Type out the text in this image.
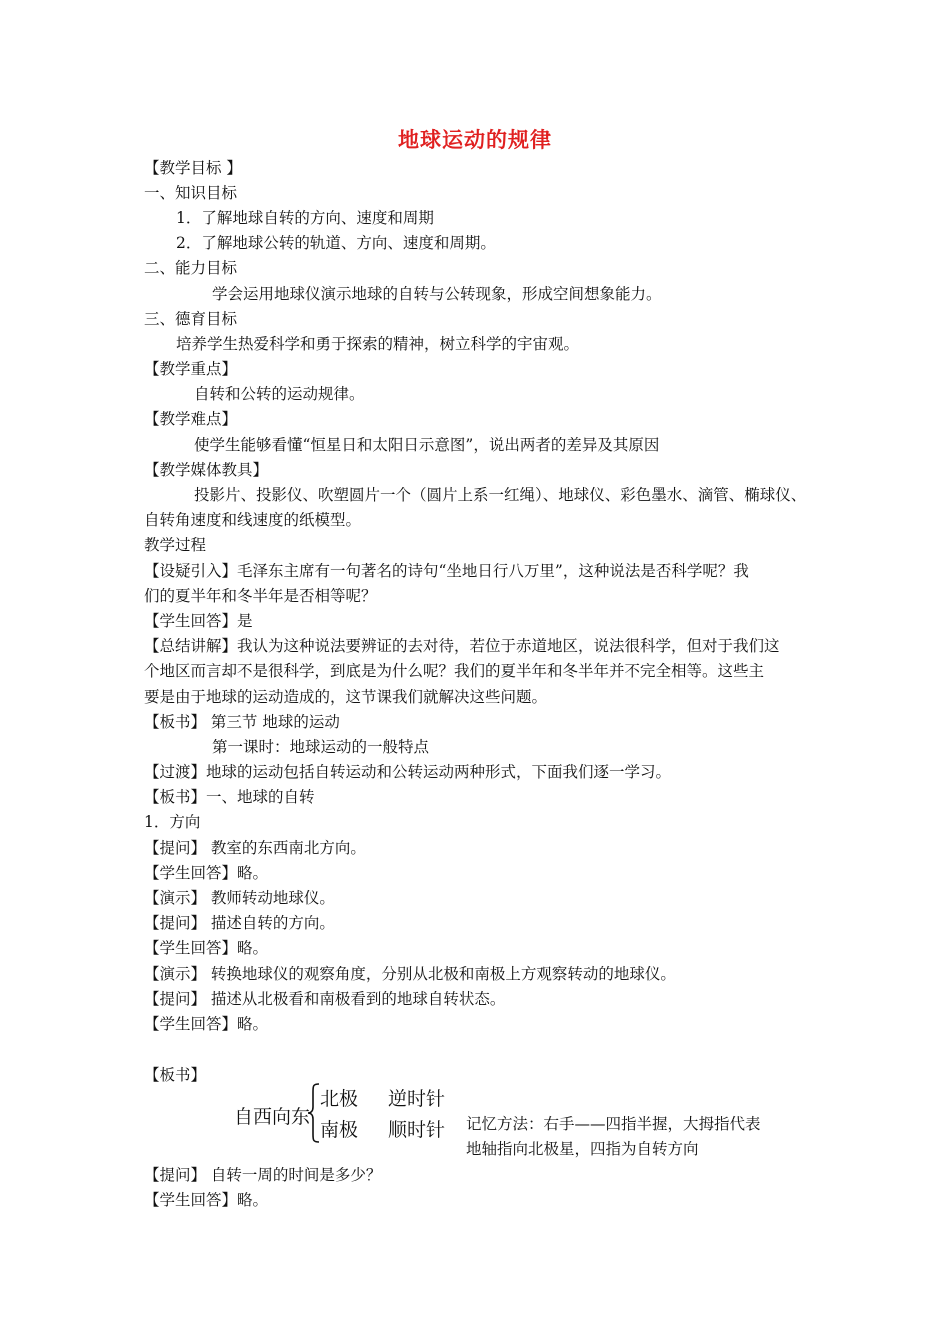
地球运动的规律
【教学目标 】
一、知识目标
1．了解地球自转的方向、速度和周期
2．了解地球公转的轨道、方向、速度和周期。
二、能力目标
学会运用地球仪演示地球的自转与公转现象，形成空间想象能力。
三、德育目标
培养学生热爱科学和勇于探索的精神，树立科学的宇宙观。
【教学重点】
自转和公转的运动规律。
【教学难点】
使学生能够看懂“恒星日和太阳日示意图”，说出两者的差异及其原因
【教学媒体教具】
投影片、投影仪、吹塑圆片一个（圆片上系一红绳）、地球仪、彩色墨水、滴管、椭球仪、
自转角速度和线速度的纸模型。
教学过程
【设疑引入】毛泽东主席有一句著名的诗句“坐地日行八万里”，这种说法是否科学呢？我
们的夏半年和冬半年是否相等呢？
【学生回答】是
【总结讲解】我认为这种说法要辨证的去对待，若位于赤道地区，说法很科学，但对于我们这
个地区而言却不是很科学，到底是为什么呢？我们的夏半年和冬半年并不完全相等。这些主
要是由于地球的运动造成的，这节课我们就解决这些问题。
【板书】 第三节 地球的运动
第一课时：地球运动的一般特点
【过渡】地球的运动包括自转运动和公转运动两种形式，下面我们逐一学习。
【板书】一、地球的自转
1．方向
【提问】 教室的东西南北方向。
【学生回答】略。
【演示】 教师转动地球仪。
【提问】 描述自转的方向。
【学生回答】略。
【演示】 转换地球仪的观察角度，分别从北极和南极上方观察转动的地球仪。
【提问】 描述从北极看和南极看到的地球自转状态。
【学生回答】略。
【板书】
自西向东
北极 逆时针
南极 顺时针 记忆方法：右手——四指半握，大拇指代表
地轴指向北极星，四指为自转方向
【提问】 自转一周的时间是多少？
【学生回答】略。
